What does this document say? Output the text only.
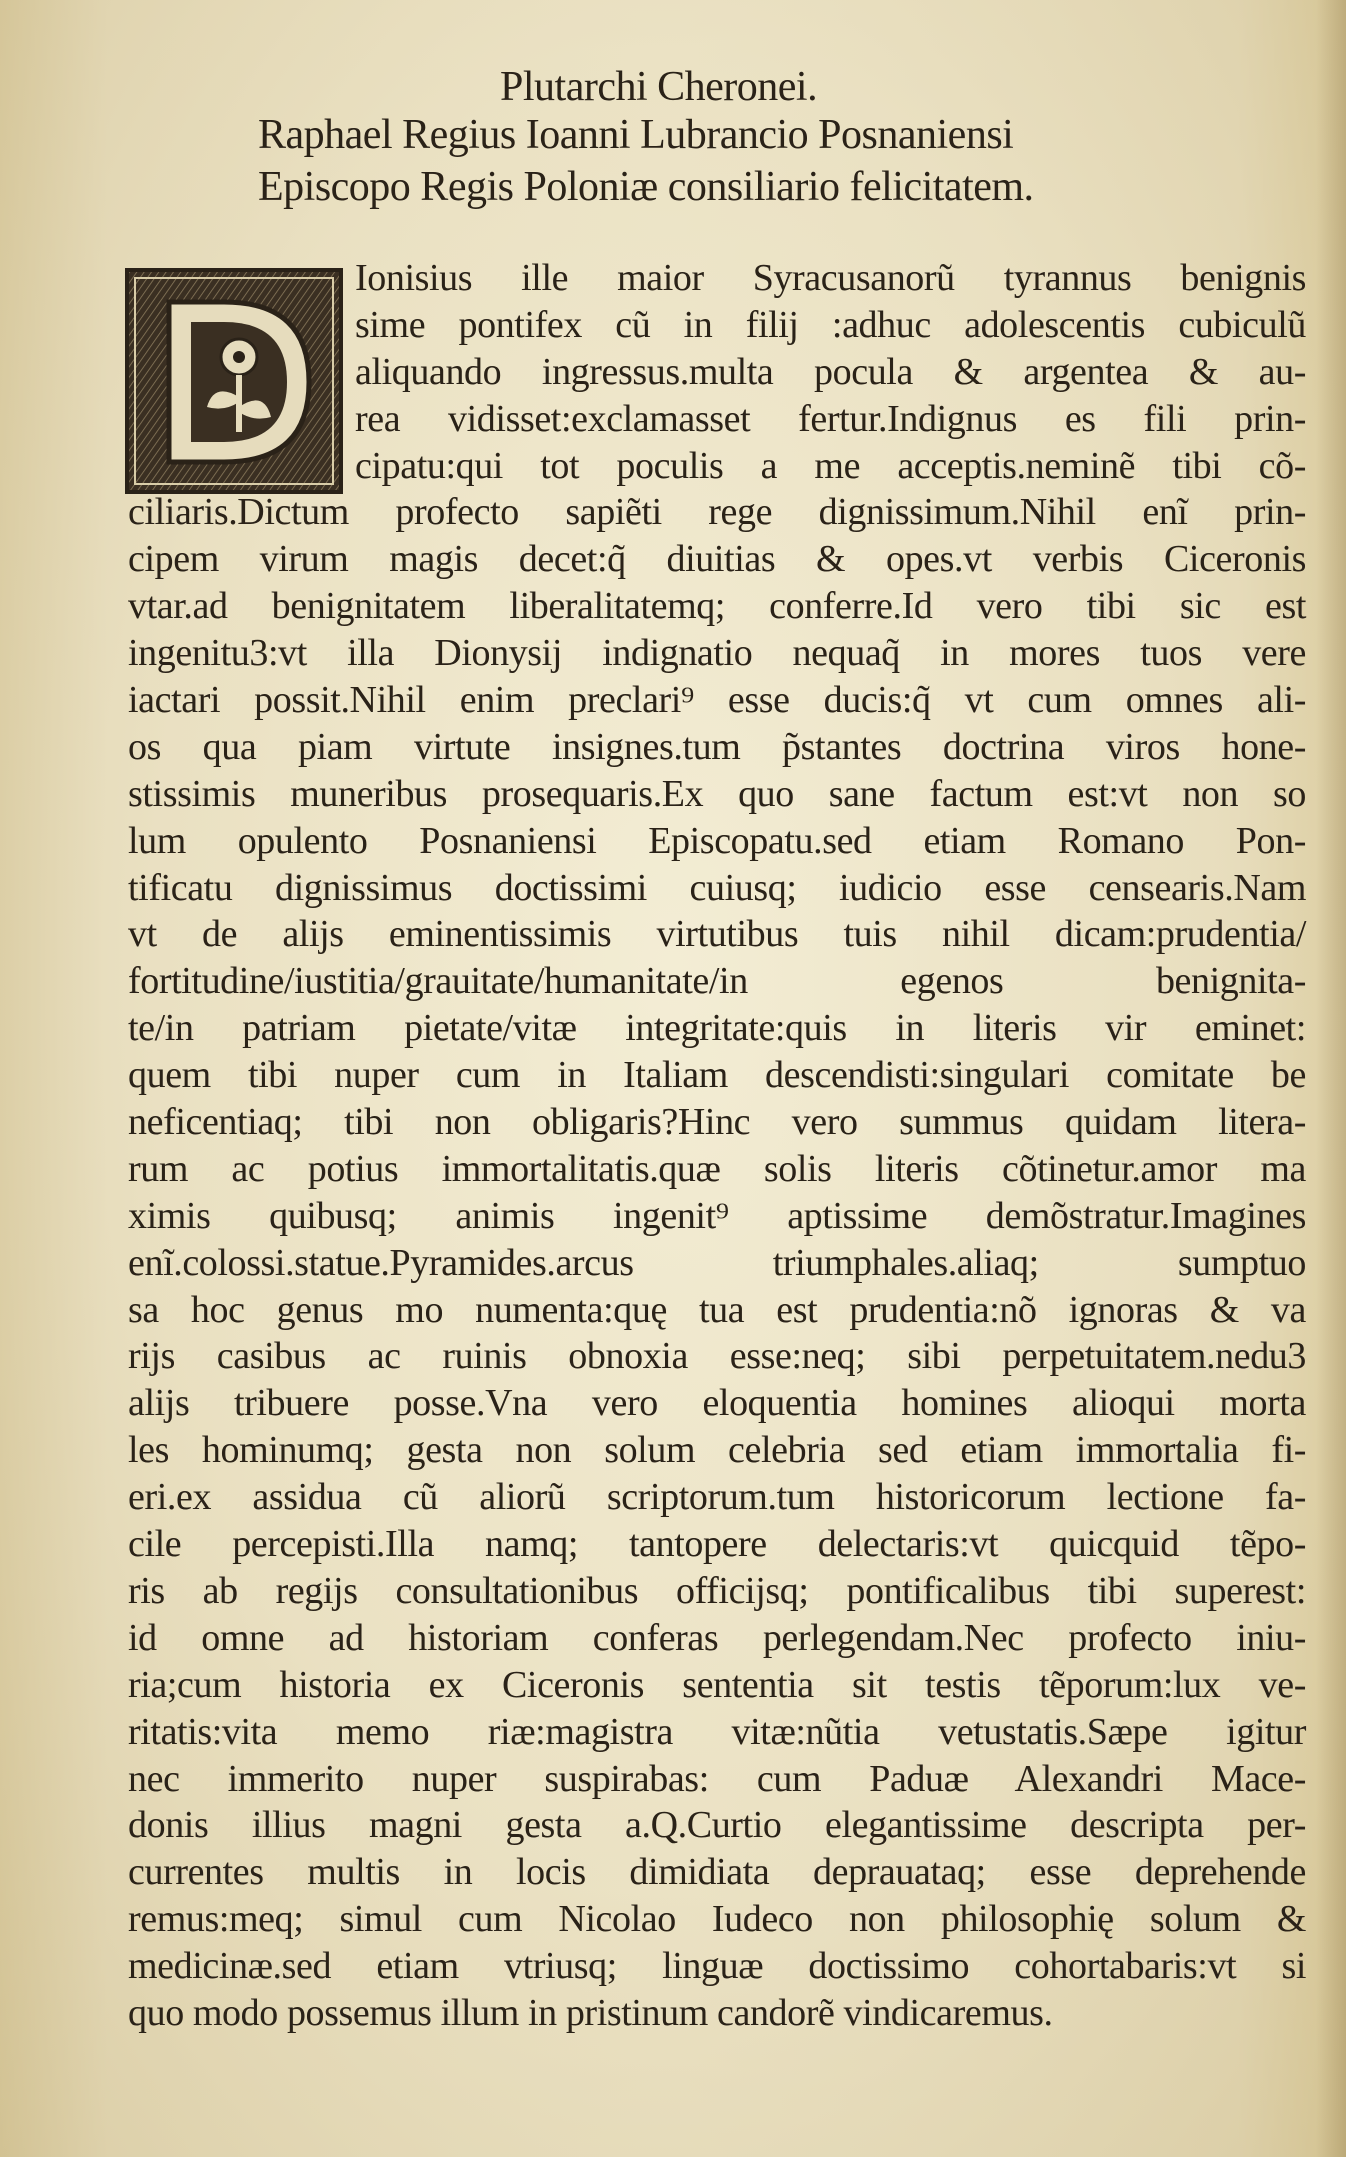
Plutarchi Cheronei.
Raphael Regius Ioanni Lubrancio Posnaniensi
Episcopo Regis Poloniæ consiliario felicitatem.
D	Ionisius ille maior Syracusanorũ tyrannus benignis
sime pontifex cũ in filij :adhuc adolescentis cubiculũ
aliquando ingressus.multa pocula & argentea & au-
rea vidisset:exclamasset fertur.Indignus es fili prin-
cipatu:qui tot poculis a me acceptis.neminẽ tibi cõ-
ciliaris.Dictum profecto sapiẽti rege dignissimum.Nihil enĩ prin-
cipem virum magis decet:q̃ diuitias & opes.vt verbis Ciceronis
vtar.ad benignitatem liberalitatemq; conferre.Id vero tibi sic est
ingenitu3:vt illa Dionysij indignatio nequaq̃ in mores tuos vere
iactari possit.Nihil enim preclari⁹ esse ducis:q̃ vt cum omnes ali-
os qua piam virtute insignes.tum p̃stantes doctrina viros hone-
stissimis muneribus prosequaris.Ex quo sane factum est:vt non so
lum opulento Posnaniensi Episcopatu.sed etiam Romano Pon-
tificatu dignissimus doctissimi cuiusq; iudicio esse censearis.Nam
vt de alijs eminentissimis virtutibus tuis nihil dicam:prudentia/
fortitudine/iustitia/grauitate/humanitate/in egenos benignita-
te/in patriam pietate/vitæ integritate:quis in literis vir eminet:
quem tibi nuper cum in Italiam descendisti:singulari comitate be
neficentiaq; tibi non obligaris?Hinc vero summus quidam litera-
rum ac potius immortalitatis.quæ solis literis cõtinetur.amor ma
ximis quibusq; animis ingenit⁹ aptissime demõstratur.Imagines
enĩ.colossi.statue.Pyramides.arcus triumphales.aliaq; sumptuo
sa hoc genus mo numenta:quę tua est prudentia:nõ ignoras & va
rijs casibus ac ruinis obnoxia esse:neq; sibi perpetuitatem.nedu3
alijs tribuere posse.Vna vero eloquentia homines alioqui morta
les hominumq; gesta non solum celebria sed etiam immortalia fi-
eri.ex assidua cũ aliorũ scriptorum.tum historicorum lectione fa-
cile percepisti.Illa namq; tantopere delectaris:vt quicquid tẽpo-
ris ab regijs consultationibus officijsq; pontificalibus tibi superest:
id omne ad historiam conferas perlegendam.Nec profecto iniu-
ria;cum historia ex Ciceronis sententia sit testis tẽporum:lux ve-
ritatis:vita memo riæ:magistra vitæ:nũtia vetustatis.Sæpe igitur
nec immerito nuper suspirabas: cum Paduæ Alexandri Mace-
donis illius magni gesta a.Q.Curtio elegantissime descripta per-
currentes multis in locis dimidiata deprauataq; esse deprehende
remus:meq; simul cum Nicolao Iudeco non philosophię solum &
medicinæ.sed etiam vtriusq; linguæ doctissimo cohortabaris:vt si
quo modo possemus illum in pristinum candorẽ vindicaremus.
